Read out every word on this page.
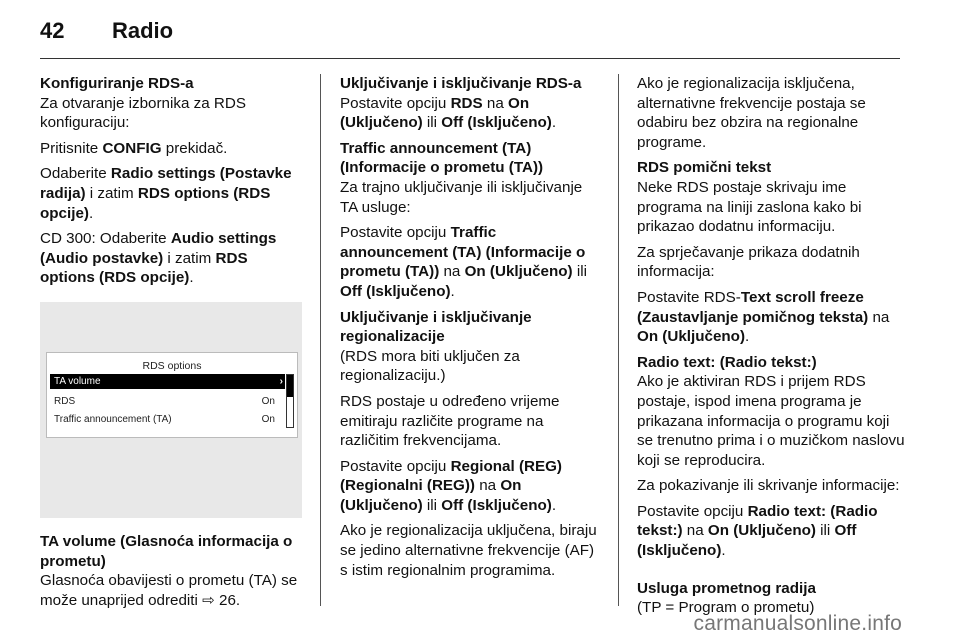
42 Radio

Konfiguriranje RDS-a

Za otvaranje izbornika za RDS konfiguraciju:

Pritisnite CONFIG prekidač.

Odaberite Radio settings (Postavke radija) i zatim RDS options (RDS opcije).

CD 300: Odaberite Audio settings (Audio postavke) i zatim RDS options (RDS opcije).

RDS options
TA volume	›
RDS	On
Traffic announcement (TA)	On

TA volume (Glasnoća informacija o prometu)

Glasnoća obavijesti o prometu (TA) se može unaprijed odrediti ⇨ 26.

Uključivanje i isključivanje RDS-a

Postavite opciju RDS na On (Uključeno) ili Off (Isključeno).

Traffic announcement (TA) (Informacije o prometu (TA))

Za trajno uključivanje ili isključivanje TA usluge:

Postavite opciju Traffic announcement (TA) (Informacije o prometu (TA)) na On (Uključeno) ili Off (Isključeno).

Uključivanje i isključivanje regionalizacije

(RDS mora biti uključen za regionalizaciju.)

RDS postaje u određeno vrijeme emitiraju različite programe na različitim frekvencijama.

Postavite opciju Regional (REG) (Regionalni (REG)) na On (Uključeno) ili Off (Isključeno).

Ako je regionalizacija uključena, biraju se jedino alternativne frekvencije (AF) s istim regionalnim programima.

Ako je regionalizacija isključena, alternativne frekvencije postaja se odabiru bez obzira na regionalne programe.

RDS pomični tekst

Neke RDS postaje skrivaju ime programa na liniji zaslona kako bi prikazao dodatnu informaciju.

Za sprječavanje prikaza dodatnih informacija:

Postavite RDS-Text scroll freeze (Zaustavljanje pomičnog teksta) na On (Uključeno).

Radio text: (Radio tekst:)

Ako je aktiviran RDS i prijem RDS postaje, ispod imena programa je prikazana informacija o programu koji se trenutno prima i o muzičkom naslovu koji se reproducira.

Za pokazivanje ili skrivanje informacije:

Postavite opciju Radio text: (Radio tekst:) na On (Uključeno) ili Off (Isključeno).

Usluga prometnog radija

(TP = Program o prometu)

carmanualsonline.info
